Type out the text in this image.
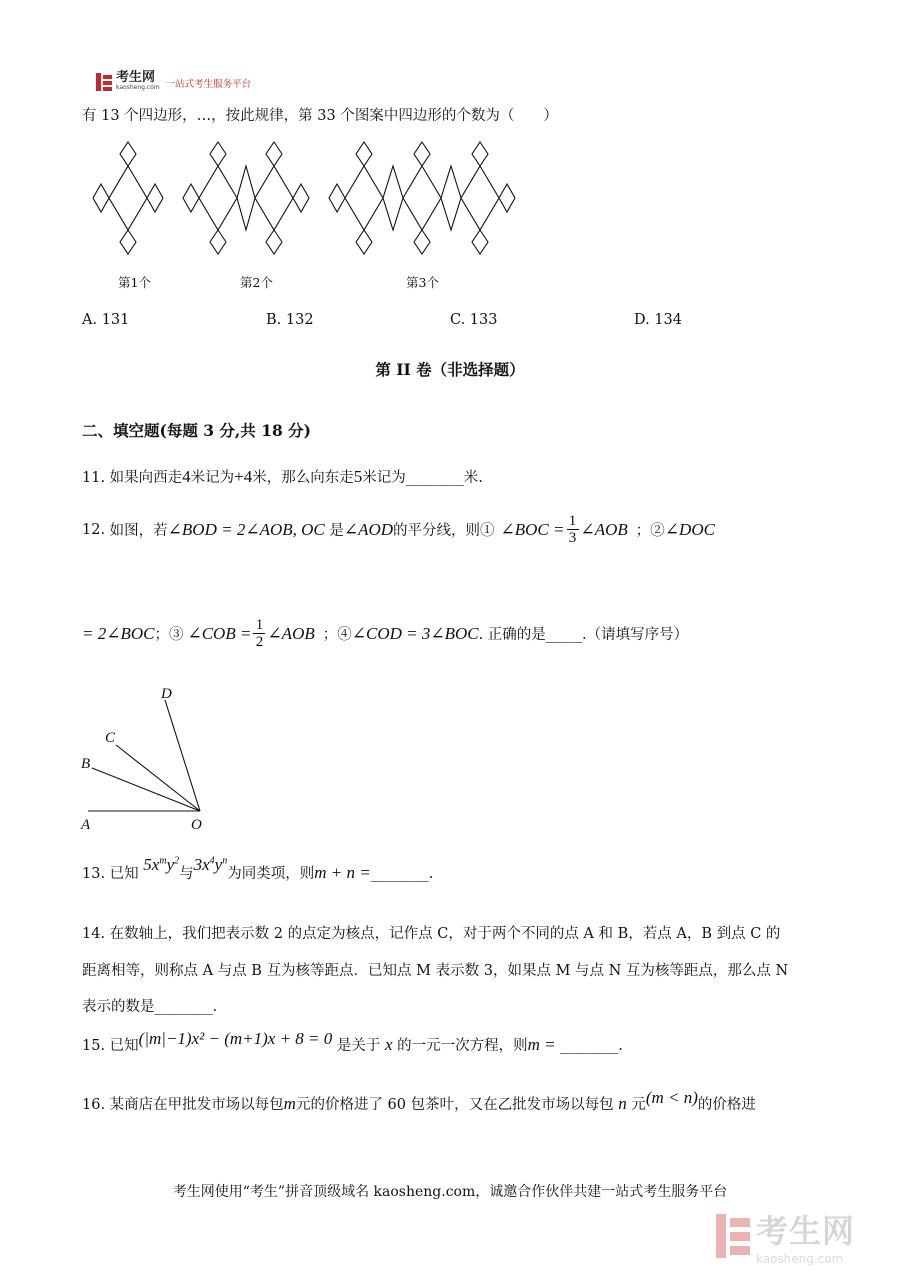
考生网
kaosheng.com 一站式考生服务平台
有 13 个四边形，…，按此规律，第 33 个图案中四边形的个数为（　　）
第1个	第2个	第3个
A. 131	B. 132	C. 133	D. 134
第 II 卷（非选择题）
二、填空题(每题 3 分,共 18 分)
11. 如果向西走4米记为+4米，那么向东走5米记为________米.
12.
如图，若 ∠BOD = 2∠AOB, OC
是 ∠AOD 的平分线，则① ∠BOC = $\frac{1}{3}$ ∠AOB ；② ∠DOC
= 2∠BOC ；③ ∠COB = $\frac{1}{2}$ ∠AOB ；④ ∠COD = 3∠BOC . 正确的是_____.（请填写序号）
A
B
C
D
O
13. 已知 $5x^my^2$与$3x^4y^n$为同类项，则m + n =________.
14. 在数轴上，我们把表示数 2 的点定为核点，记作点 C，对于两个不同的点 A 和 B，若点 A，B 到点 C 的
距离相等，则称点 A 与点 B 互为核等距点．已知点 M 表示数 3，如果点 M 与点 N 互为核等距点，那么点 N
表示的数是________.
15. 已知(|m|−1)x² − (m+1)x + 8 = 0 是关于 x 的一元一次方程，则m = ________.
16. 某商店在甲批发市场以每包m元的价格进了 60 包茶叶，又在乙批发市场以每包 n 元(m < n)的价格进
考生网使用“考生”拼音顶级域名 kaosheng.com，诚邀合作伙伴共建一站式考生服务平台
考生网
kaosheng.com
